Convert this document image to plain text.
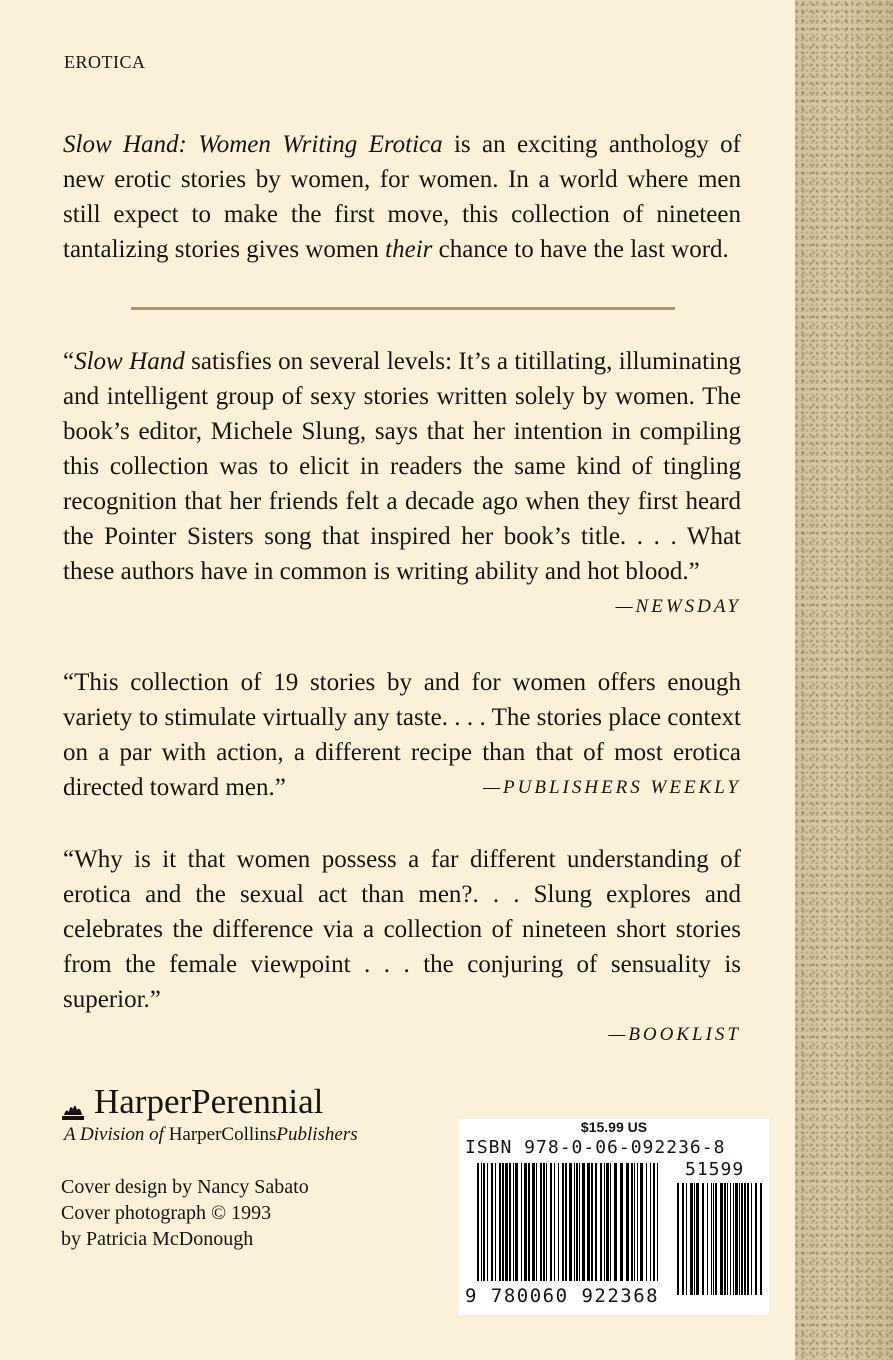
EROTICA

Slow Hand: Women Writing Erotica is an exciting anthology of new erotic stories by women, for women. In a world where men still expect to make the first move, this collection of nineteen tantalizing stories gives women their chance to have the last word.

“Slow Hand satisfies on several levels: It’s a titillating, illuminating and intelligent group of sexy stories written solely by women. The book’s editor, Michele Slung, says that her intention in compiling this collection was to elicit in readers the same kind of tingling recognition that her friends felt a decade ago when they first heard the Pointer Sisters song that inspired her book’s title. . . . What these authors have in common is writing ability and hot blood.”
—NEWSDAY

“This collection of 19 stories by and for women offers enough variety to stimulate virtually any taste. . . . The stories place context on a par with action, a different recipe than that of most erotica directed toward men.”	—PUBLISHERS WEEKLY

“Why is it that women possess a far different understanding of erotica and the sexual act than men?. . . Slung explores and celebrates the difference via a collection of nineteen short stories from the female viewpoint . . . the conjuring of sensuality is superior.”

—BOOKLIST

HarperPerennial
A Division of HarperCollinsPublishers
Cover design by Nancy Sabato
Cover photograph © 1993
by Patricia McDonough
$15.99 US
ISBN 978-0-06-092236-8
51599
9 780060 922368
